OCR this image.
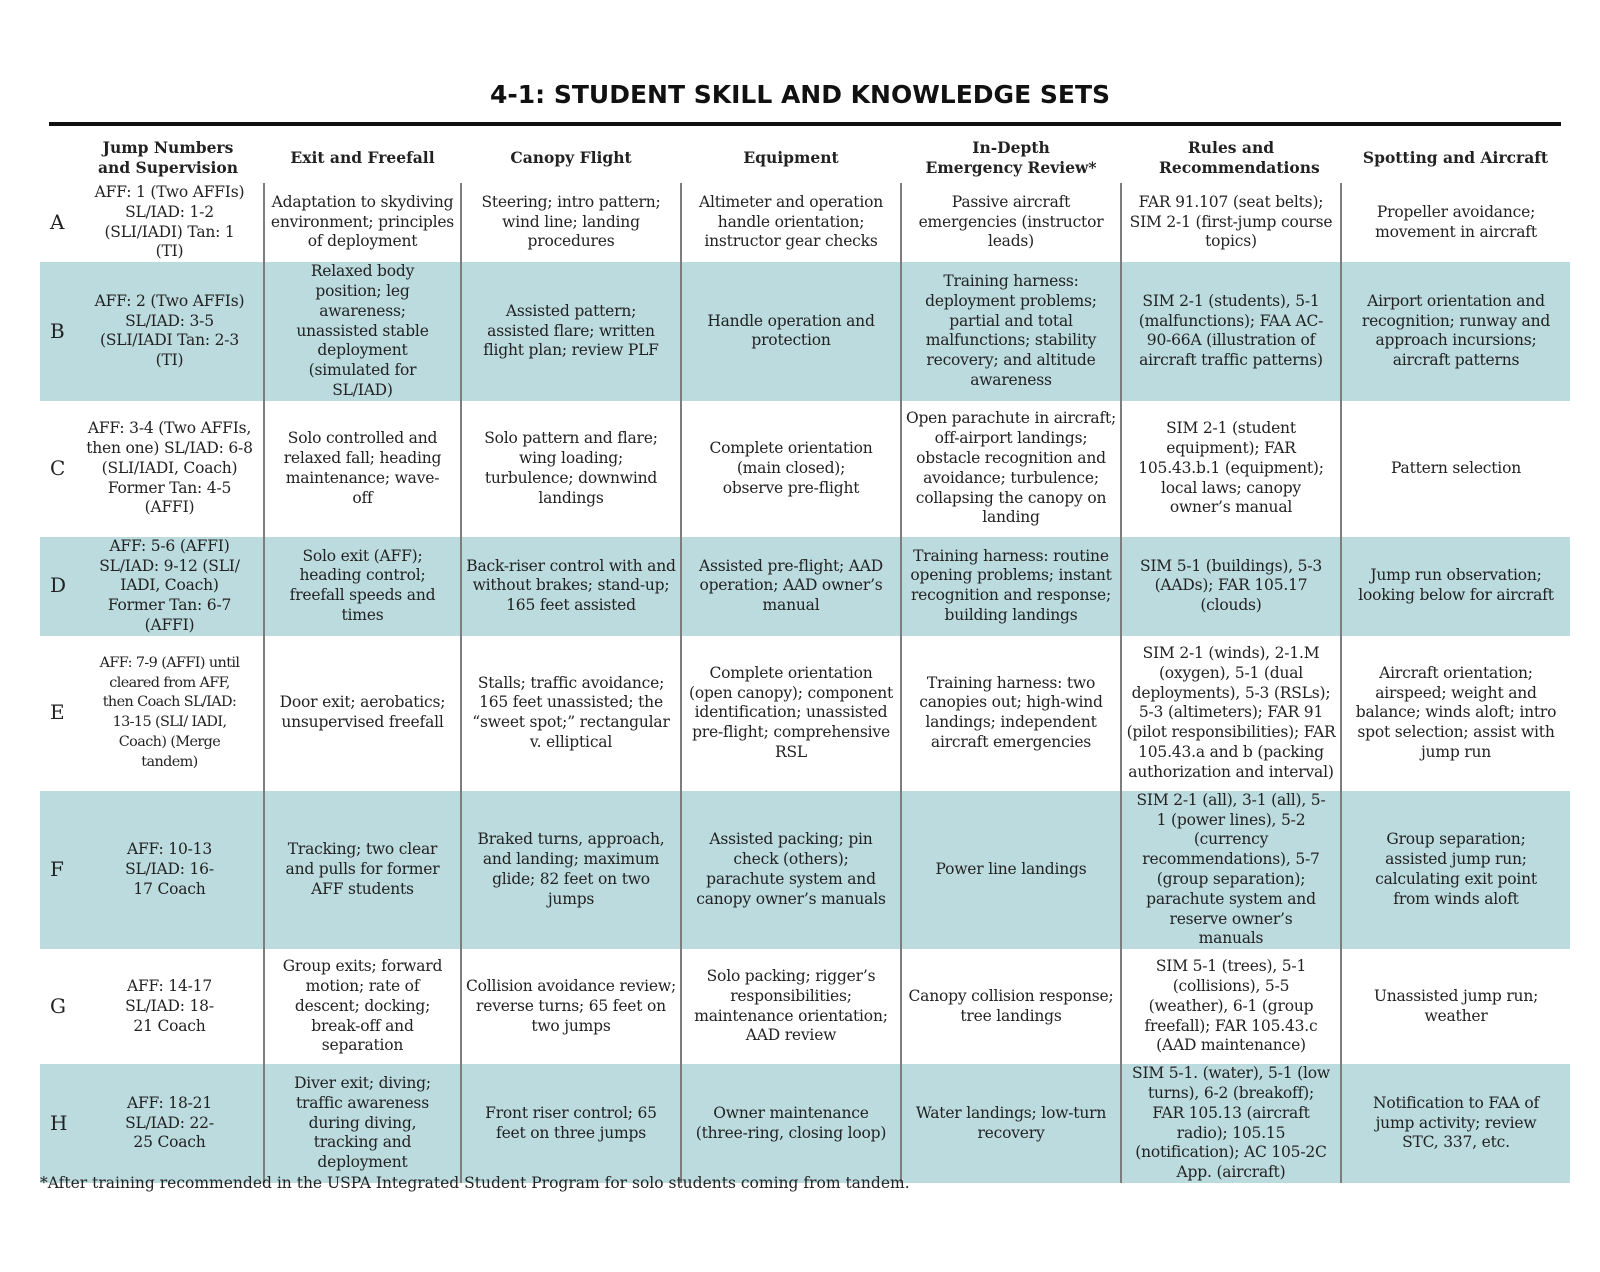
4-1: STUDENT SKILL AND KNOWLEDGE SETS
	Jump Numbers and Supervision	Exit and Freefall	Canopy Flight	Equipment	In-Depth Emergency Review*	Rules and Recommendations	Spotting and Aircraft
A	AFF: 1 (Two AFFIs) SL/IAD: 1-2 (SLI/IADI) Tan: 1 (TI)	Adaptation to skydiving environment; principles of deployment	Steering; intro pattern; wind line; landing procedures	Altimeter and operation handle orientation; instructor gear checks	Passive aircraft emergencies (instructor leads)	FAR 91.107 (seat belts); SIM 2-1 (first-jump course topics)	Propeller avoidance; movement in aircraft
B	AFF: 2 (Two AFFIs) SL/IAD: 3-5 (SLI/IADI Tan: 2-3 (TI)	Relaxed body position; leg awareness; unassisted stable deployment (simulated for SL/IAD)	Assisted pattern; assisted flare; written flight plan; review PLF	Handle operation and protection	Training harness: deployment problems; partial and total malfunctions; stability recovery; and altitude awareness	SIM 2-1 (students), 5-1 (malfunctions); FAA AC-90-66A (illustration of aircraft traffic patterns)	Airport orientation and recognition; runway and approach incursions; aircraft patterns
C	AFF: 3-4 (Two AFFIs, then one) SL/IAD: 6-8 (SLI/IADI, Coach) Former Tan: 4-5 (AFFI)	Solo controlled and relaxed fall; heading maintenance; wave-off	Solo pattern and flare; wing loading; turbulence; downwind landings	Complete orientation (main closed); observe pre-flight	Open parachute in aircraft; off-airport landings; obstacle recognition and avoidance; turbulence; collapsing the canopy on landing	SIM 2-1 (student equipment); FAR 105.43.b.1 (equipment); local laws; canopy owner’s manual	Pattern selection
D	AFF: 5-6 (AFFI) SL/IAD: 9-12 (SLI/ IADI, Coach) Former Tan: 6-7 (AFFI)	Solo exit (AFF); heading control; freefall speeds and times	Back-riser control with and without brakes; stand-up; 165 feet assisted	Assisted pre-flight; AAD operation; AAD owner’s manual	Training harness: routine opening problems; instant recognition and response; building landings	SIM 5-1 (buildings), 5-3 (AADs); FAR 105.17 (clouds)	Jump run observation; looking below for aircraft
E	AFF: 7-9 (AFFI) until cleared from AFF, then Coach SL/IAD: 13-15 (SLI/ IADI, Coach) (Merge tandem)	Door exit; aerobatics; unsupervised freefall	Stalls; traffic avoidance; 165 feet unassisted; the “sweet spot;” rectangular v. elliptical	Complete orientation (open canopy); component identification; unassisted pre-flight; comprehensive RSL	Training harness: two canopies out; high-wind landings; independent aircraft emergencies	SIM 2-1 (winds), 2-1.M (oxygen), 5-1 (dual deployments), 5-3 (RSLs); 5-3 (altimeters); FAR 91 (pilot responsibilities); FAR 105.43.a and b (packing authorization and interval)	Aircraft orientation; airspeed; weight and balance; winds aloft; intro spot selection; assist with jump run
F	AFF: 10-13 SL/IAD: 16-17 Coach	Tracking; two clear and pulls for former AFF students	Braked turns, approach, and landing; maximum glide; 82 feet on two jumps	Assisted packing; pin check (others); parachute system and canopy owner’s manuals	Power line landings	SIM 2-1 (all), 3-1 (all), 5-1 (power lines), 5-2 (currency recommendations), 5-7 (group separation); parachute system and reserve owner’s manuals	Group separation; assisted jump run; calculating exit point from winds aloft
G	AFF: 14-17 SL/IAD: 18-21 Coach	Group exits; forward motion; rate of descent; docking; break-off and separation	Collision avoidance review; reverse turns; 65 feet on two jumps	Solo packing; rigger’s responsibilities; maintenance orientation; AAD review	Canopy collision response; tree landings	SIM 5-1 (trees), 5-1 (collisions), 5-5 (weather), 6-1 (group freefall); FAR 105.43.c (AAD maintenance)	Unassisted jump run; weather
H	AFF: 18-21 SL/IAD: 22-25 Coach	Diver exit; diving; traffic awareness during diving, tracking and deployment	Front riser control; 65 feet on three jumps	Owner maintenance (three-ring, closing loop)	Water landings; low-turn recovery	SIM 5-1. (water), 5-1 (low turns), 6-2 (breakoff); FAR 105.13 (aircraft radio); 105.15 (notification); AC 105-2C App. (aircraft)	Notification to FAA of jump activity; review STC, 337, etc.
*After training recommended in the USPA Integrated Student Program for solo students coming from tandem.
